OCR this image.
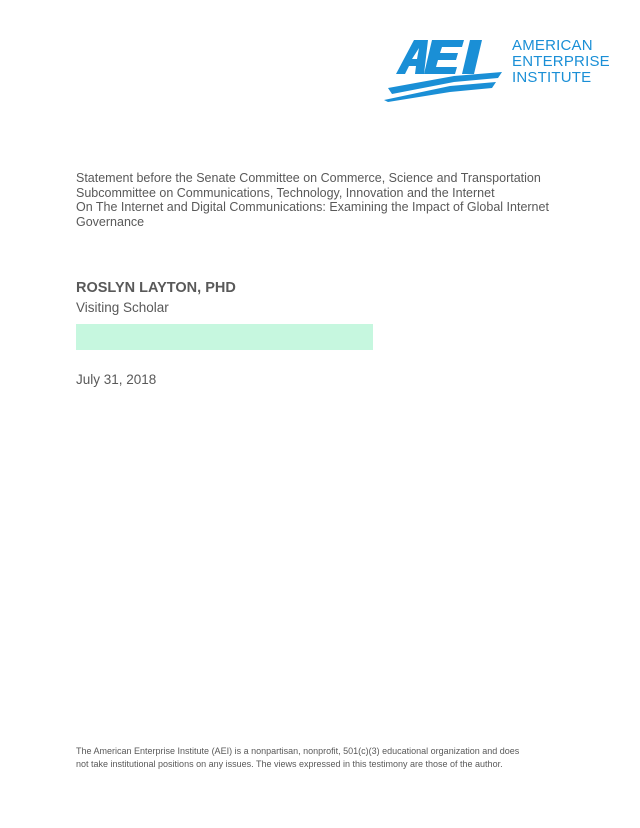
AMERICAN
ENTERPRISE
INSTITUTE
Statement before the Senate Committee on Commerce, Science and Transportation
Subcommittee on Communications, Technology, Innovation and the Internet
On The Internet and Digital Communications: Examining the Impact of Global Internet
Governance
ROSLYN LAYTON, PHD
Visiting Scholar
July 31, 2018
The American Enterprise Institute (AEI) is a nonpartisan, nonprofit, 501(c)(3) educational organization and does
not take institutional positions on any issues. The views expressed in this testimony are those of the author.
